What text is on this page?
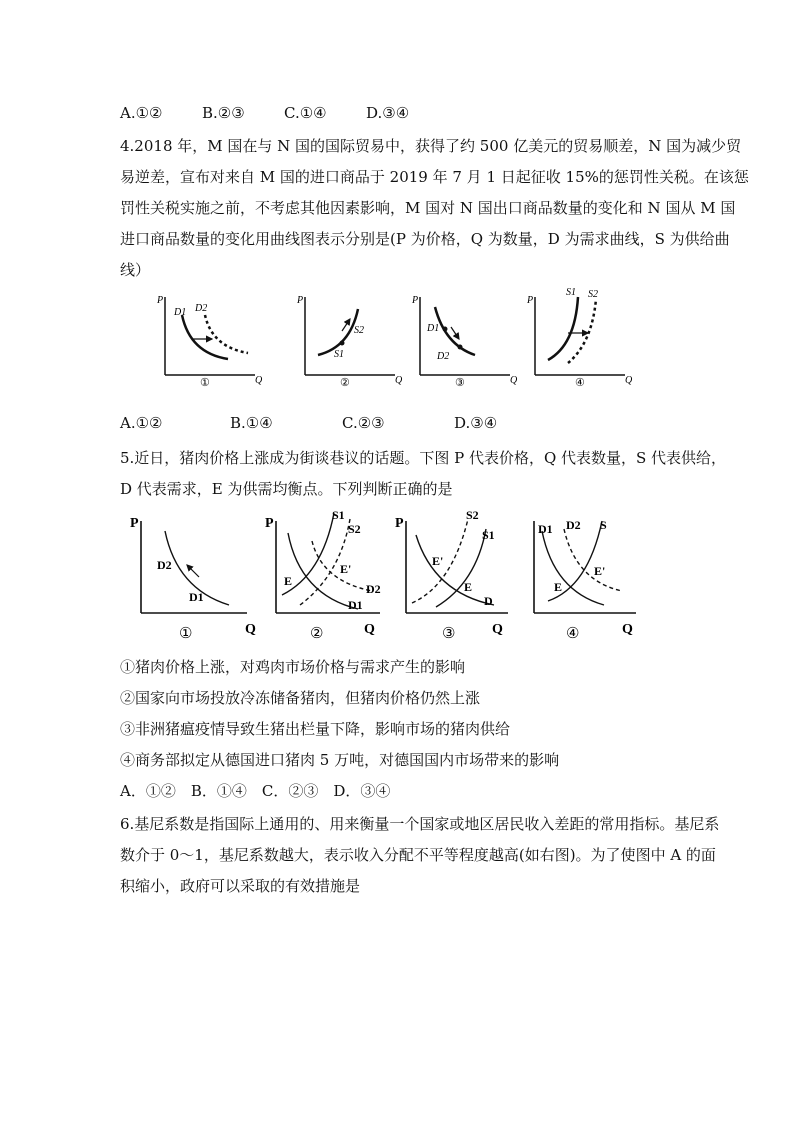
A.①②	B.②③	C.①④	D.③④
4.2018 年，M 国在与 N 国的国际贸易中，获得了约 500 亿美元的贸易顺差，N 国为减少贸
易逆差，宣布对来自 M 国的进口商品于 2019 年 7 月 1 日起征收 15%的惩罚性关税。在该惩
罚性关税实施之前，不考虑其他因素影响，M 国对 N 国出口商品数量的变化和 N 国从 M 国
进口商品数量的变化用曲线图表示分别是(P 为价格，Q 为数量，D 为需求曲线，S 为供给曲
线）
P
Q
D1 D2
①
P
Q
S2
S1
②
P
Q
D1
D2
③
P
Q
S1 S2
④
A.①②	B.①④	C.②③	D.③④
5.近日，猪肉价格上涨成为街谈巷议的话题。下图 P 代表价格，Q 代表数量，S 代表供给，
D 代表需求，E 为供需均衡点。下列判断正确的是
P
Q
D2
D1
①
P
Q
S1
S2
E
E'
D2
D1
②
P
Q
S2
S1
E'
E
D
③	Q
D1 D2 S
E'
E
④
①猪肉价格上涨，对鸡肉市场价格与需求产生的影响
②国家向市场投放冷冻储备猪肉，但猪肉价格仍然上涨
③非洲猪瘟疫情导致生猪出栏量下降，影响市场的猪肉供给
④商务部拟定从德国进口猪肉 5 万吨，对德国国内市场带来的影响
A．①②　B．①④　C．②③　D．③④
6.基尼系数是指国际上通用的、用来衡量一个国家或地区居民收入差距的常用指标。基尼系
数介于 0～1，基尼系数越大，表示收入分配不平等程度越高(如右图)。为了使图中 A 的面
积缩小，政府可以采取的有效措施是
